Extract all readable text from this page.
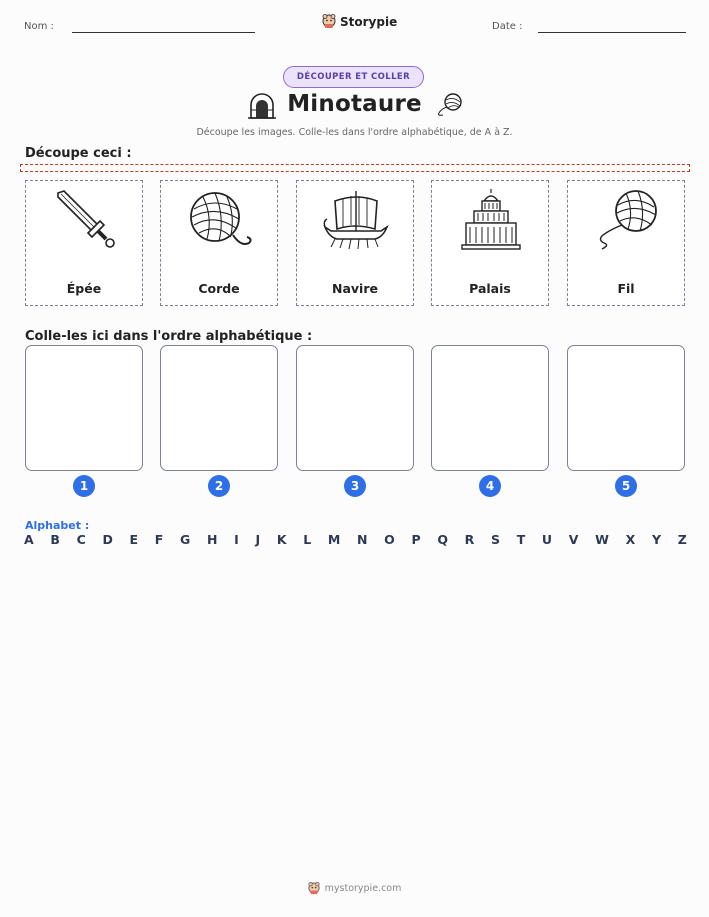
Nom :	Storypie	Date :
DÉCOUPER ET COLLER
Minotaure
Découpe les images. Colle-les dans l'ordre alphabétique, de A à Z.
Découpe ceci :
Épée	Corde	Navire	Palais	Fil
Colle-les ici dans l'ordre alphabétique :
1	2	3	4	5
Alphabet :
A B C D E F G H I J K L M N O P Q R S T U V W X Y Z
mystorypie.com
